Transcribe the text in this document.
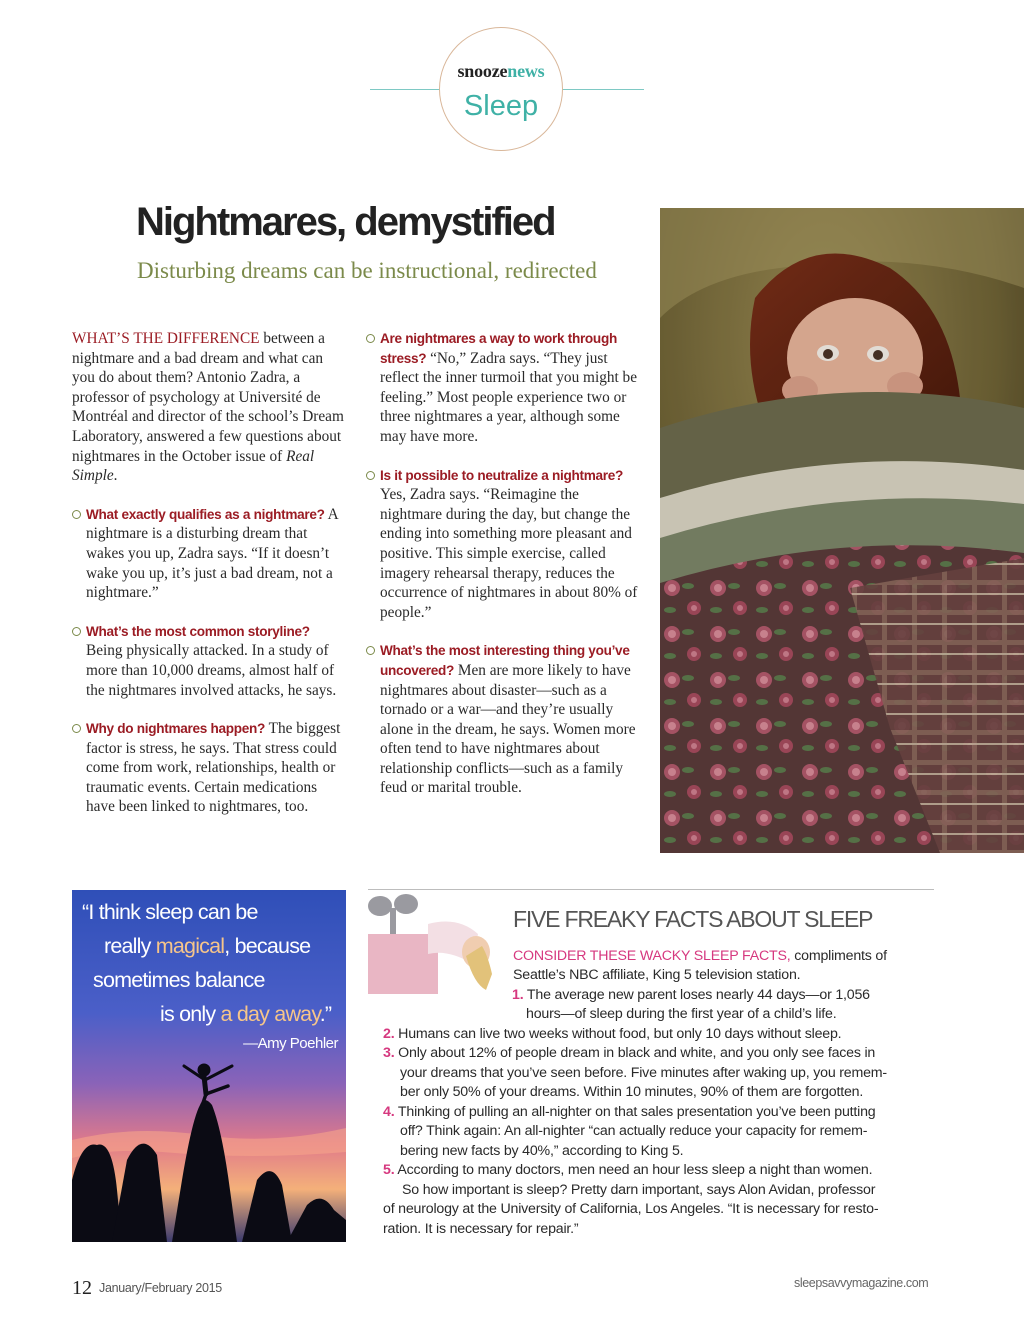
snoozenews
Sleep
Nightmares, demystified
Disturbing dreams can be instructional, redirected

WHAT’S THE DIFFERENCE between a nightmare and a bad dream and what can you do about them? Antonio Zadra, a professor of psychology at Université de Montréal and director of the school’s Dream Laboratory, answered a few questions about nightmares in the October issue of Real Simple.

What exactly qualifies as a nightmare? A nightmare is a disturbing dream that wakes you up, Zadra says. “If it doesn’t wake you up, it’s just a bad dream, not a nightmare.”
What’s the most common storyline? Being physically attacked. In a study of more than 10,000 dreams, almost half of the nightmares involved attacks, he says.
Why do nightmares happen? The biggest factor is stress, he says. That stress could come from work, relationships, health or traumatic events. Certain medications have been linked to nightmares, too.
Are nightmares a way to work through stress? “No,” Zadra says. “They just reflect the inner turmoil that you might be feeling.” Most people experience two or three nightmares a year, although some may have more.
Is it possible to neutralize a nightmare? Yes, Zadra says. “Reimagine the nightmare during the day, but change the ending into something more pleasant and positive. This simple exercise, called imagery rehearsal therapy, reduces the occurrence of nightmares in about 80% of people.”
What’s the most interesting thing you’ve uncovered? Men are more likely to have nightmares about disaster—such as a tornado or a war—and they’re usually alone in the dream, he says. Women more often tend to have nightmares about relationship conflicts—such as a family feud or marital trouble.
“I think sleep can be
really magical, because
sometimes balance
is only a day away.”
—Amy Poehler
FIVE FREAKY FACTS ABOUT SLEEP
CONSIDER THESE WACKY SLEEP FACTS, compliments of
Seattle’s NBC affiliate, King 5 television station.
1. The average new parent loses nearly 44 days—or 1,056
hours—of sleep during the first year of a child’s life.
2. Humans can live two weeks without food, but only 10 days without sleep.
3. Only about 12% of people dream in black and white, and you only see faces in
your dreams that you’ve seen before. Five minutes after waking up, you remem-
ber only 50% of your dreams. Within 10 minutes, 90% of them are forgotten.
4. Thinking of pulling an all-nighter on that sales presentation you’ve been putting
off? Think again: An all-nighter “can actually reduce your capacity for remem-
bering new facts by 40%,” according to King 5.
5. According to many doctors, men need an hour less sleep a night than women.
So how important is sleep? Pretty darn important, says Alon Avidan, professor
of neurology at the University of California, Los Angeles. “It is necessary for resto-
ration. It is necessary for repair.”
12 January/February 2015	sleepsavvymagazine.com
